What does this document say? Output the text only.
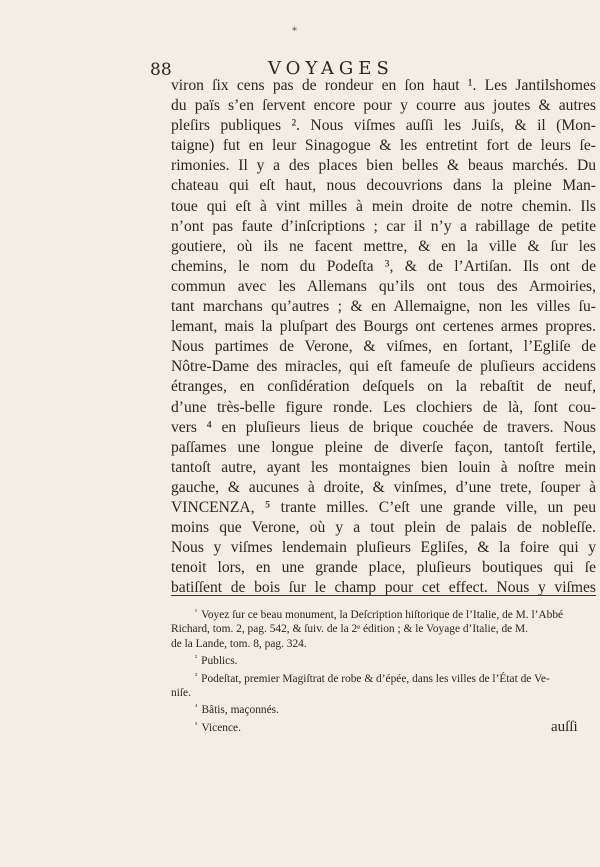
*
88	VOYAGES
viron ſix cens pas de rondeur en ſon haut ¹. Les Jantilshomes
du païs s’en ſervent encore pour y courre aus joutes & autres
pleſirs publiques ². Nous viſmes auſſi les Juiſs, & il (Mon-
taigne) fut en leur Sinagogue & les entretint fort de leurs ſe-
rimonies. Il y a des places bien belles & beaus marchés. Du
chateau qui eſt haut, nous decouvrions dans la pleine Man-
toue qui eſt à vint milles à mein droite de notre chemin. Ils
n’ont pas faute d’inſcriptions ; car il n’y a rabillage de petite
goutiere, où ils ne facent mettre, & en la ville & ſur les
chemins, le nom du Podeſta ³, & de l’Artiſan. Ils ont de
commun avec les Allemans qu’ils ont tous des Armoiries,
tant marchans qu’autres ; & en Allemaigne, non les villes ſu-
lemant, mais la pluſpart des Bourgs ont certenes armes propres.
Nous partimes de Verone, & viſmes, en ſortant, l’Egliſe de
Nôtre-Dame des miracles, qui eſt fameuſe de pluſieurs accidens
étranges, en conſidération deſquels on la rebaſtit de neuf,
d’une très-belle figure ronde. Les clochiers de là, ſont cou-
vers ⁴ en pluſieurs lieus de brique couchée de travers. Nous
paſſames une longue pleine de diverſe façon, tantoſt fertile,
tantoſt autre, ayant les montaignes bien louin à noſtre mein
gauche, & aucunes à droite, & vinſmes, d’une trete, ſouper à
VINCENZA, ⁵ trante milles. C’eſt une grande ville, un peu
moins que Verone, où y a tout plein de palais de nobleſſe.
Nous y viſmes lendemain pluſieurs Egliſes, & la foire qui y
tenoit lors, en une grande place, pluſieurs boutiques qui ſe
batiſſent de bois ſur le champ pour cet effect. Nous y viſmes
$^{^1}$ Voyez ſur ce beau monument, la Deſcription hiſtorique de l’Italie, de M. l’Abbé
Richard, tom. 2, pag. 542, & ſuiv. de la 2ᵉ édition ; & le Voyage d’Italie, de M.
de la Lande, tom. 8, pag. 324.
$^{^2}$ Publics.
$^{^3}$ Podeſtat, premier Magiſtrat de robe & d’épée, dans les villes de l’État de Ve-
niſe.
$^{^4}$ Bâtis, maçonnés.
$^{^5}$ Vicence.	auſſi
